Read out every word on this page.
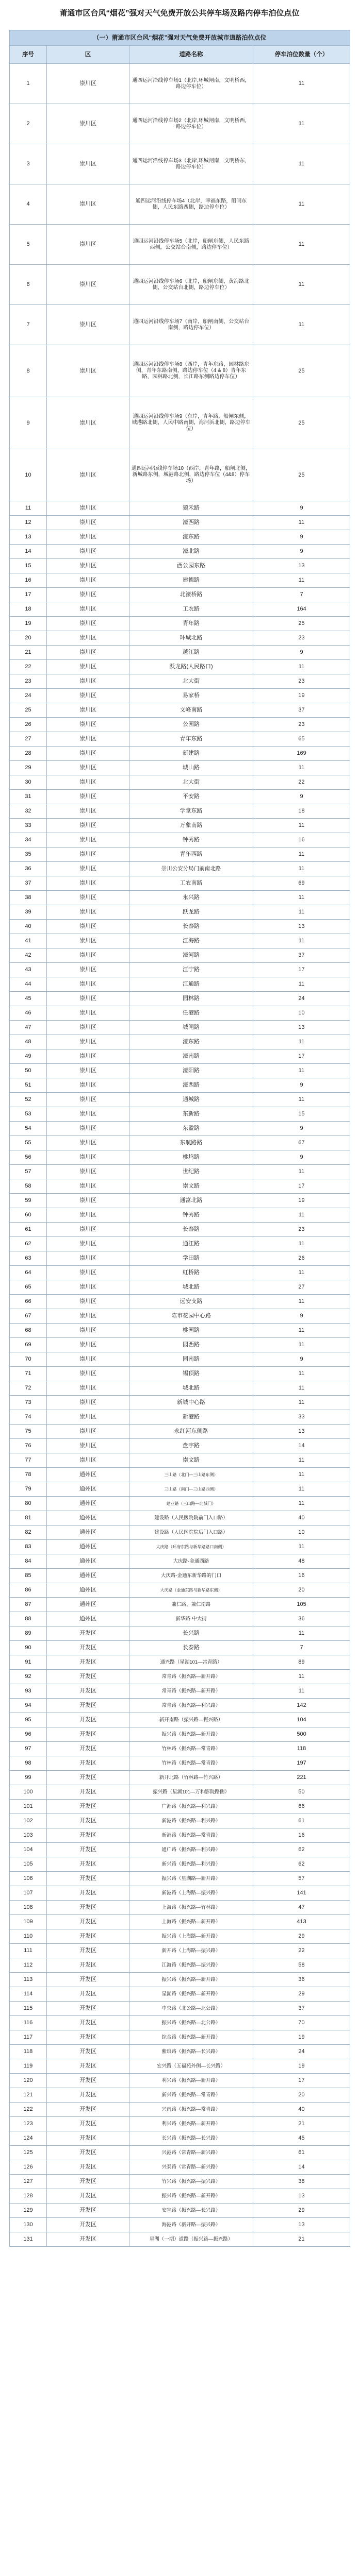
莆通市区台风“烟花”强对天气免费开放公共停车场及路内停车泊位点位
（一）莆通市区台风“烟花”强对天气免费开放城市道路泊位点位			
序号	区	道路名称	停车泊位数量（个）
1	崇川区	通四运河沿线停车场1（北岸,环城闸南，文明桥西，路边停车位）	11
2	崇川区	通四运河沿线停车场2（北岸,环城闸南，文明桥西，路边停车位）	11
3	崇川区	通四运河沿线停车场3（北岸,环城闸南，文明桥东，路边停车位）	11
4	崇川区	通四运河沿线停车场4（北岸，幸福东路，船闸东侧，人民东路西侧，路边停车位）	11
5	崇川区	通四运河沿线停车场5（北岸，船闸东侧，人民东路西侧，公交站台南侧，路边停车位）	11
6	崇川区	通四运河沿线停车场6（北岸，船闸东侧，黄海路北侧，公交站台北侧，路边停车位）	11
7	崇川区	通四运河沿线停车场7（南岸，船闸南侧，公交站台南侧，路边停车位）	11
8	崇川区	通四运河沿线停车场8（西岸，青年东路，园林路东侧，青年东路南侧，路边停车位（4 & 8）青年东路，园林路北侧，长江路东侧路边停车位）	25
9	崇川区	通四运河沿线停车场9（东岸，青年路，船闸东侧，城港路北侧，人民中路南侧，海河浜北侧，路边停车位）	25
10	崇川区	通四运河沿线停车场10（西岸，青年路，船闸北侧，新城路东侧，城港路北侧，路边停车位（4&8）停车场）	25
11	崇川区	狼禾路	9
12	崇川区	濠西路	11
13	崇川区	濠东路	9
14	崇川区	濠北路	9
15	崇川区	西公园东路	13
16	崇川区	建德路	11
17	崇川区	北濠桥路	7
18	崇川区	工农路	164
19	崇川区	青年路	25
20	崇川区	环城北路	23
21	崇川区	越江路	9
22	崇川区	跃龙路(人民路口)	11
23	崇川区	北大街	23
24	崇川区	易家桥	19
25	崇川区	文峰南路	37
26	崇川区	公园路	23
27	崇川区	青年东路	65
28	崇川区	新建路	169
29	崇川区	城山路	11
30	崇川区	北大街	22
31	崇川区	平安路	9
32	崇川区	学堂东路	18
33	崇川区	万象南路	11
34	崇川区	钟秀路	16
35	崇川区	青年西路	11
36	崇川区	崇川公安分局门前南北路	11
37	崇川区	工农南路	69
38	崇川区	永兴路	11
39	崇川区	跃龙路	11
40	崇川区	长泰路	13
41	崇川区	江海路	11
42	崇川区	濠河路	37
43	崇川区	江宁路	17
44	崇川区	江通路	11
45	崇川区	园林路	24
46	崇川区	任港路	10
47	崇川区	城闸路	13
48	崇川区	濠东路	11
49	崇川区	濠南路	17
50	崇川区	濠阳路	11
51	崇川区	濠西路	9
52	崇川区	通城路	11
53	崇川区	东新路	15
54	崇川区	东盈路	9
55	崇川区	东航路路	67
56	崇川区	桃坞路	9
57	崇川区	世纪路	11
58	崇川区	崇文路	17
59	崇川区	通富北路	19
60	崇川区	钟秀路	11
61	崇川区	长泰路	23
62	崇川区	通江路	11
63	崇川区	学田路	26
64	崇川区	虹桥路	11
65	崇川区	城北路	27
66	崇川区	远安支路	11
67	崇川区	陈市花园中心路	9
68	崇川区	桃园路	11
69	崇川区	园西路	11
70	崇川区	园南路	9
71	崇川区	锡顶路	11
72	崇川区	城北路	11
73	崇川区	新城中心路	11
74	崇川区	新港路	33
75	崇川区	永红河东侧路	13
76	崇川区	盘宇路	14
77	崇川区	崇文路	11
78	通州区	三山路（北门—三山路东侧）	11
79	通州区	三山路（南门—三山路西侧）	11
80	通州区	建业路（三山路—北城门）	11
81	通州区	建设路（人民医院院前门入口路）	40
82	通州区	建设路（人民医院院后门入口路）	10
83	通州区	大庆路（环府东路与新华路路口南侧）	11
84	通州区	大庆路-金通西路	48
85	通州区	大庆路-金通东新华路的门口	16
86	通州区	大庆路（金通东路与新华路东侧）	20
87	通州区	兼仁路、兼仁南路	105
88	通州区	新华路-中大街	36
89	开发区	长兴路	11
90	开发区	长泰路	7
91	开发区	通兴路（星湖101—常青路）	89
92	开发区	常青路（振兴路—新开路）	11
93	开发区	常青路（振兴路—新开路）	11
94	开发区	常青路（振兴路—利兴路）	142
95	开发区	新开南路（振兴路—振兴路）	104
96	开发区	振兴路（振兴路—新开路）	500
97	开发区	竹林路（振兴路—常青路）	118
98	开发区	竹林路（振兴路—常青路）	197
99	开发区	新开北路（竹林路—竹兴路）	221
100	开发区	振兴路（星湖101—万和影院路侧）	50
101	开发区	广源路（振兴路—利兴路）	66
102	开发区	新港路（振兴路—利兴路）	61
103	开发区	新港路（振兴路—常青路）	16
104	开发区	通广路（振兴路—利兴路）	62
105	开发区	新兴路（振兴路—利兴路）	62
106	开发区	振兴路（星湖路—新开路）	57
107	开发区	新港路（上海路—振兴路）	141
108	开发区	上海路（振兴路—竹林路）	47
109	开发区	上海路（振兴路—新开路）	413
110	开发区	振兴路（上海路—新开路）	29
111	开发区	新开路（上海路—振兴路）	22
112	开发区	江海路（振兴路—振兴路）	58
113	开发区	振兴路（振兴路—新开路）	36
114	开发区	星湖路（振兴路—新开路）	29
115	开发区	中央路（北公路—北公路）	37
116	开发区	振兴路（振兴路—北公路）	70
117	开发区	综合路（振兴路—新开路）	19
118	开发区	紫琅路（振兴路—长兴路）	24
119	开发区	宏兴路（五福苑外侧—长兴路）	19
120	开发区	利兴路（振兴路—新开路）	17
121	开发区	新兴路（振兴路—常青路）	20
122	开发区	兴南路（振兴路—常青路）	40
123	开发区	利兴路（振兴路—新开路）	21
124	开发区	长兴路（振兴路—长兴路）	45
125	开发区	兴港路（常青路—新兴路）	61
126	开发区	兴泰路（常青路—新兴路）	14
127	开发区	竹兴路（振兴路—振兴路）	38
128	开发区	振兴路（振兴路—新开路）	13
129	开发区	安宣路（振兴路—长兴路）	29
130	开发区	海港路（新开路—振兴路）	13
131	开发区	星湖（一期）道路（振兴路—振兴路）	21
